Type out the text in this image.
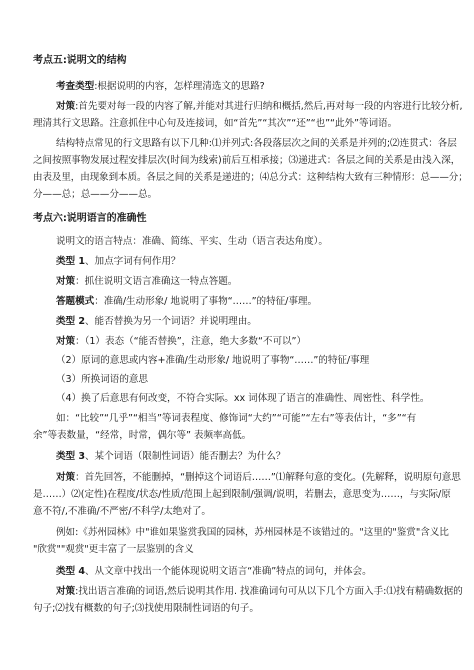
考点五:说明文的结构
考查类型:根据说明的内容，怎样理清选文的思路?
对策:首先要对每一段的内容了解,并能对其进行归纳和概括,然后,再对每一段的内容进行比较分析,
理清其行文思路。注意抓住中心句及连接词，如“首先”“其次”“还”“也”“此外”等词语。
结构特点常见的行文思路有以下几种:⑴并列式:各段落层次之间的关系是并列的;⑵连贯式：各层
之间按照事物发展过程安排层次(时间为线索)前后互相承接；⑶递进式：各层之间的关系是由浅入深，
由表及里，由现象到本质。各层之间的关系是递进的；⑷总分式：这种结构大致有三种情形：总——分；
分——总；总——分——总。
考点六:说明语言的准确性
说明文的语言特点：准确、简练、平实、生动（语言表达角度）。
类型 1、加点字词有何作用？
对策：抓住说明文语言准确这一特点答题。
答题模式：准确/生动形象/ 地说明了事物“……”的特征/事理。
类型 2、能否替换为另一个词语？并说明理由。
对策：（1）表态（“能否替换”，注意，绝大多数“不可以”）
（2）原词的意思或内容+准确/生动形象/ 地说明了事物“……”的特征/事理
（3）所换词语的意思
（4）换了后意思有何改变，不符合实际。xx 词体现了语言的准确性、周密性、科学性。
如：“比较”“几乎”“相当”等词表程度、修饰词“大约”“可能”“左右”等表估计，“多”“有
余”等表数量，“经常，时常，偶尔等” 表频率高低。
类型 3、某个词语（限制性词语）能否删去？为什么？
对策：首先回答，不能删掉，“删掉这个词语后……”⑴解释句意的变化。(先解释，说明原句意思
是……）⑵(定性)在程度/状态/性质/范围上起到限制/强调/说明，若删去，意思变为……，与实际/原
意不符/,不准确/不严密/不科学/太绝对了。
例如:《苏州园林》中"谁如果鉴赏我国的园林，苏州园林是不该错过的。"这里的"鉴赏"含义比
"欣赏""观赏"更丰富了一层鉴别的含义
类型 4、从文章中找出一个能体现说明文语言“准确”特点的词句，并体会。
对策:找出语言准确的词语,然后说明其作用. 找准确词句可从以下几个方面入手:⑴找有精确数据的
句子;⑵找有概数的句子;⑶找使用限制性词语的句子。
